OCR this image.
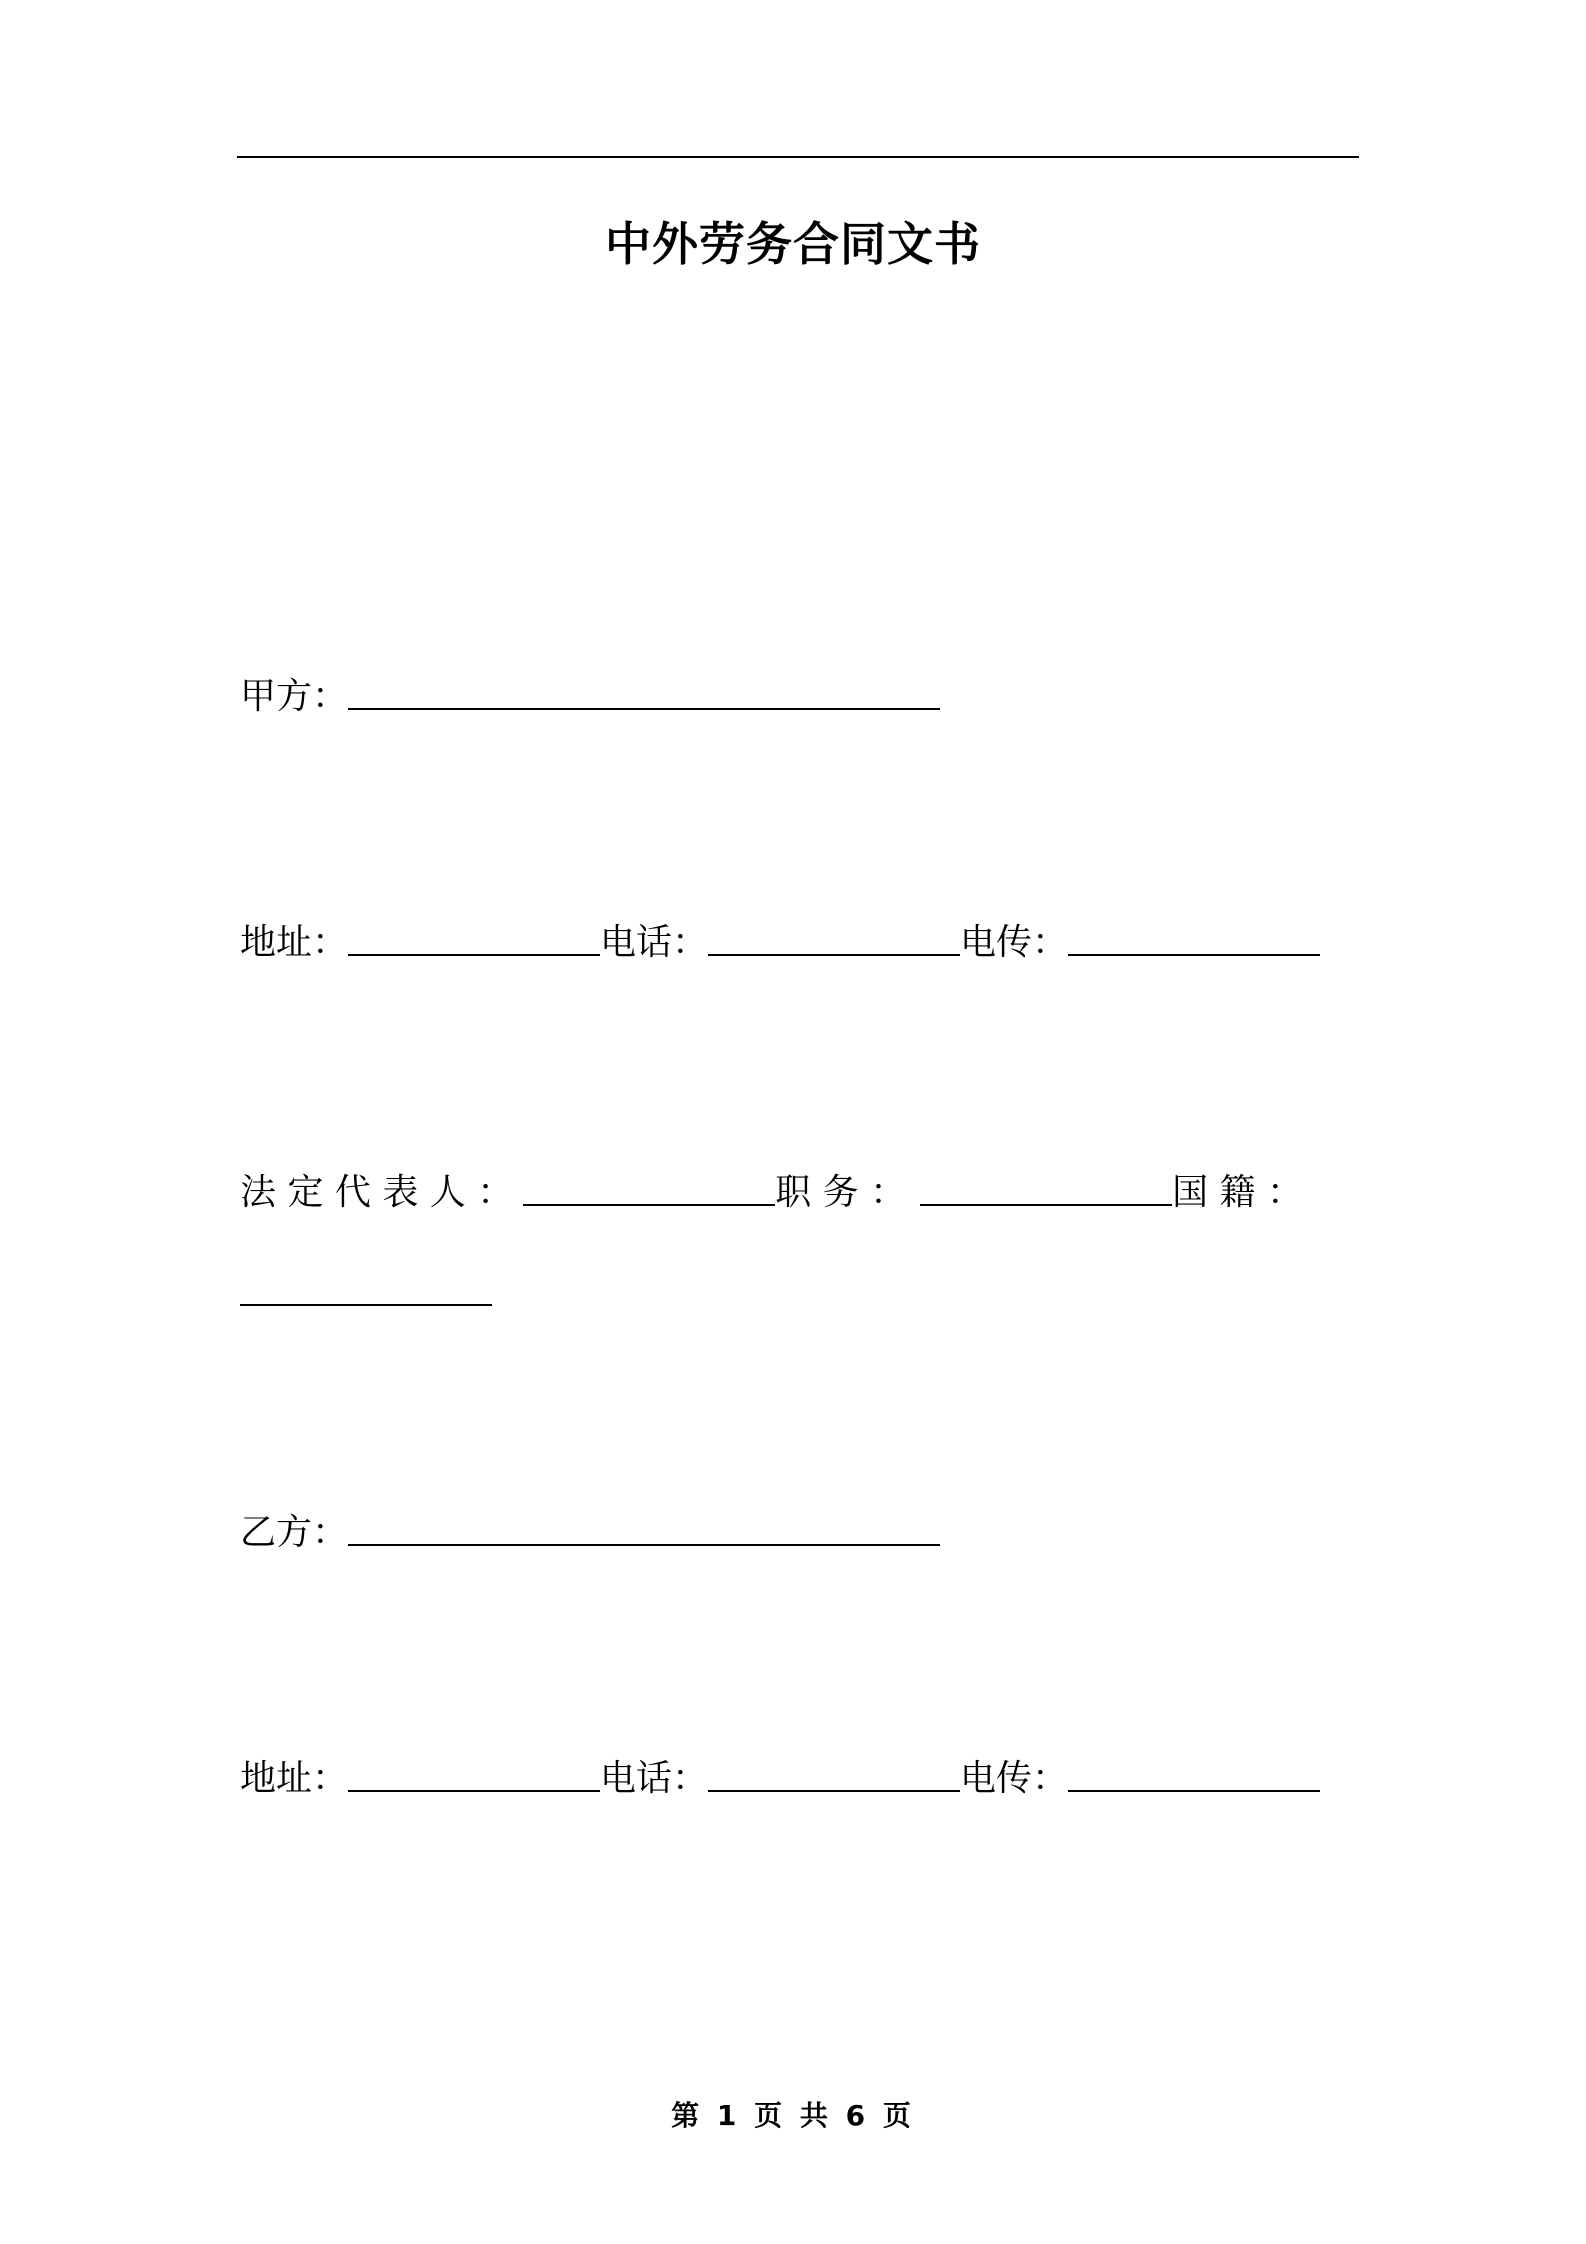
中外劳务合同文书
甲方：
地址：	电话：	电传：
法 定 代 表 人 ：	职 务 ：	国 籍 ：
乙方：
地址：	电话：	电传：
第 1 页 共 6 页
